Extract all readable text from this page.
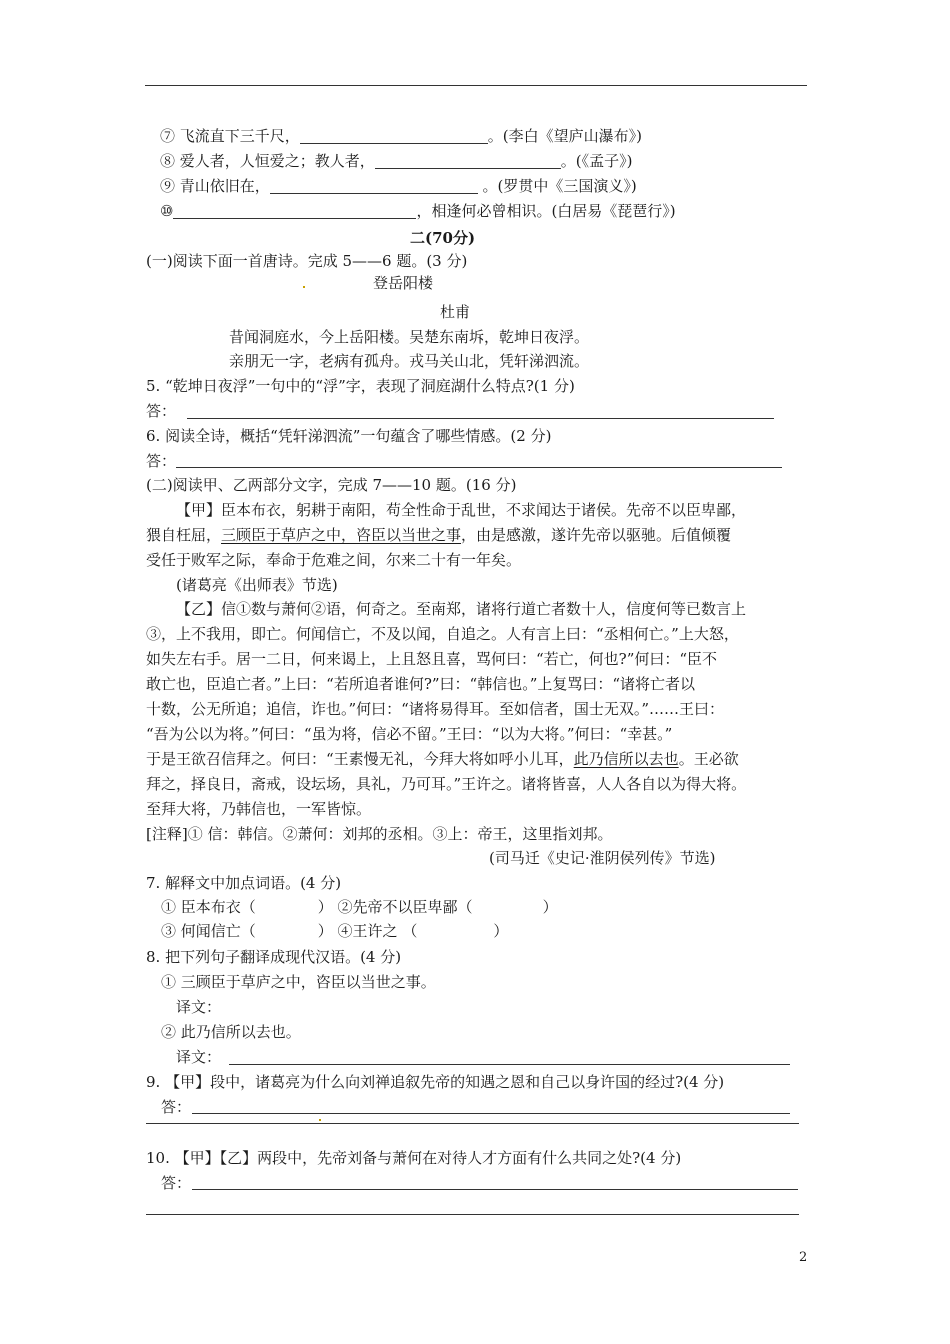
⑦ 飞流直下三千尺，	。(李白《望庐山瀑布》)
⑧ 爱人者，人恒爱之；教人者，	。(《孟子》)
⑨ 青山依旧在，	。(罗贯中《三国演义》)
⑩	，相逢何必曾相识。(白居易《琵琶行》)
二(70分)
(一)阅读下面一首唐诗。完成 5——6 题。(3 分)
登岳阳楼
杜甫
昔闻洞庭水，今上岳阳楼。吴楚东南坼，乾坤日夜浮。
亲朋无一字，老病有孤舟。戎马关山北，凭轩涕泗流。
5. “乾坤日夜浮”一句中的“浮”字，表现了洞庭湖什么特点?(1 分)
答：
6. 阅读全诗，概括“凭轩涕泗流”一句蕴含了哪些情感。(2 分)
答：
(二)阅读甲、乙两部分文字，完成 7——10 题。(16 分)
【甲】臣本布衣，躬耕于南阳，苟全性命于乱世，不求闻达于诸侯。先帝不以臣卑鄙，
猥自枉屈，三顾臣于草庐之中，咨臣以当世之事，由是感激，遂许先帝以驱驰。后值倾覆
受任于败军之际，奉命于危难之间，尔来二十有一年矣。
(诸葛亮《出师表》节选)
【乙】信①数与萧何②语，何奇之。至南郑，诸将行道亡者数十人，信度何等已数言上
③，上不我用，即亡。何闻信亡，不及以闻，自追之。人有言上曰：“丞相何亡。”上大怒，
如失左右手。居一二日，何来谒上，上且怒且喜，骂何曰：“若亡，何也?”何曰：“臣不
敢亡也，臣追亡者。”上曰：“若所追者谁何?”曰：“韩信也。”上复骂曰：“诸将亡者以
十数，公无所追；追信，诈也。”何曰：“诸将易得耳。至如信者，国士无双。”……王曰：
“吾为公以为将。”何曰：“虽为将，信必不留。”王曰：“以为大将。”何曰：“幸甚。”
于是王欲召信拜之。何曰：“王素慢无礼，今拜大将如呼小儿耳，此乃信所以去也。王必欲
拜之，择良日，斋戒，设坛场，具礼，乃可耳。”王许之。诸将皆喜，人人各自以为得大将。
至拜大将，乃韩信也，一军皆惊。
[注释]① 信：韩信。②萧何：刘邦的丞相。③上：帝王，这里指刘邦。
(司马迁《史记·淮阴侯列传》节选)
7. 解释文中加点词语。(4 分)
① 臣本布衣（	） ②先帝不以臣卑鄙（	）
③ 何闻信亡（	） ④王许之 （	）
8. 把下列句子翻译成现代汉语。(4 分)
① 三顾臣于草庐之中，咨臣以当世之事。
译文：
② 此乃信所以去也。
译文：
9. 【甲】段中，诸葛亮为什么向刘禅追叙先帝的知遇之恩和自己以身许国的经过?(4 分)
答：
10. 【甲】【乙】两段中，先帝刘备与萧何在对待人才方面有什么共同之处?(4 分)
答：
2
